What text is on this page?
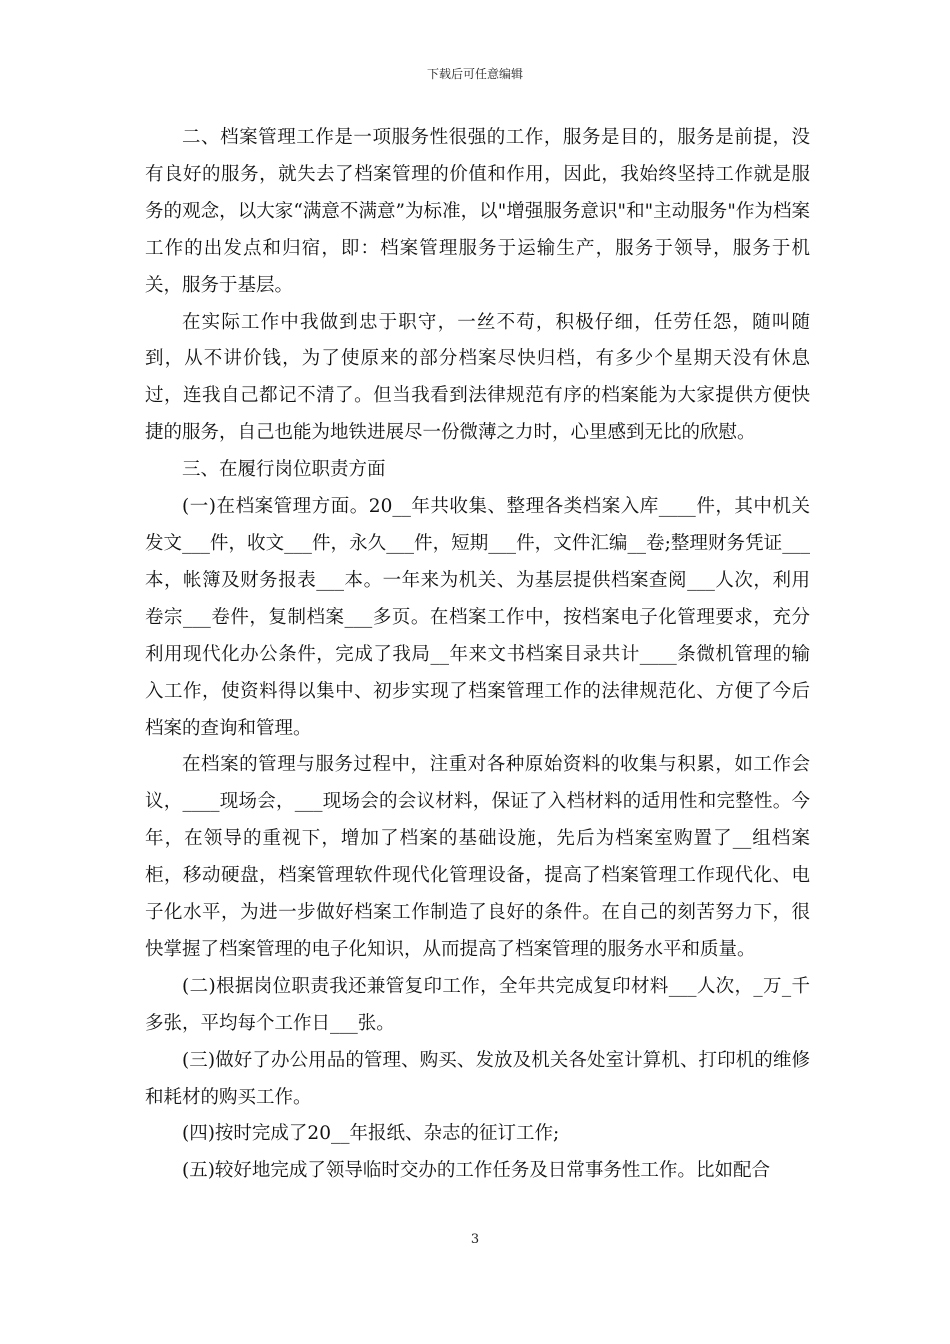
下载后可任意编辑

二、档案管理工作是一项服务性很强的工作，服务是目的，服务是前提，没有良好的服务，就失去了档案管理的价值和作用，因此，我始终坚持工作就是服务的观念，以大家“满意不满意”为标准，以"增强服务意识"和"主动服务"作为档案工作的出发点和归宿，即：档案管理服务于运输生产，服务于领导，服务于机关，服务于基层。

在实际工作中我做到忠于职守，一丝不苟，积极仔细，任劳任怨，随叫随到，从不讲价钱，为了使原来的部分档案尽快归档，有多少个星期天没有休息过，连我自己都记不清了。但当我看到法律规范有序的档案能为大家提供方便快捷的服务，自己也能为地铁进展尽一份微薄之力时，心里感到无比的欣慰。

三、在履行岗位职责方面

(一)在档案管理方面。20__年共收集、整理各类档案入库____件，其中机关发文___件，收文___件，永久___件，短期___件，文件汇编__卷;整理财务凭证___本，帐簿及财务报表___本。一年来为机关、为基层提供档案查阅___人次，利用卷宗___卷件，复制档案___多页。在档案工作中，按档案电子化管理要求，充分利用现代化办公条件，完成了我局__年来文书档案目录共计____条微机管理的输入工作，使资料得以集中、初步实现了档案管理工作的法律规范化、方便了今后档案的查询和管理。

在档案的管理与服务过程中，注重对各种原始资料的收集与积累，如工作会议，____现场会，___现场会的会议材料，保证了入档材料的适用性和完整性。今年，在领导的重视下，增加了档案的基础设施，先后为档案室购置了__组档案柜，移动硬盘，档案管理软件现代化管理设备，提高了档案管理工作现代化、电子化水平，为进一步做好档案工作制造了良好的条件。在自己的刻苦努力下，很快掌握了档案管理的电子化知识，从而提高了档案管理的服务水平和质量。

(二)根据岗位职责我还兼管复印工作，全年共完成复印材料___人次，_万_千多张，平均每个工作日___张。

(三)做好了办公用品的管理、购买、发放及机关各处室计算机、打印机的维修和耗材的购买工作。

(四)按时完成了20__年报纸、杂志的征订工作;

(五)较好地完成了领导临时交办的工作任务及日常事务性工作。比如配合

3
